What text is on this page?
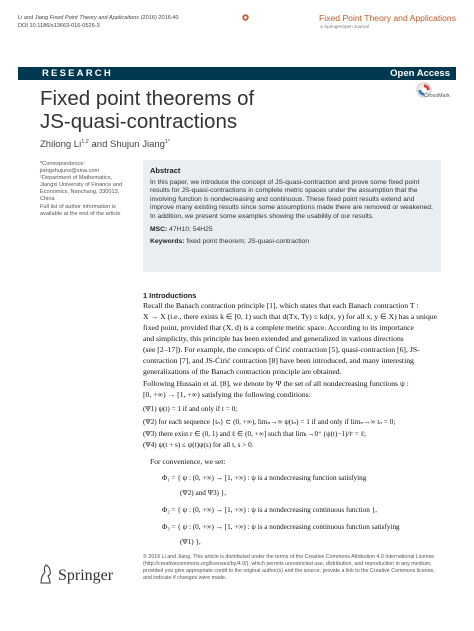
Li and Jiang Fixed Point Theory and Applications (2016) 2016:40
DOI 10.1186/s13663-016-0526-3
Fixed Point Theory and Applications
a SpringerOpen Journal
RESEARCH	Open Access
CrossMark
Fixed point theorems of
JS-quasi-contractions
Zhilong Li$^{1,2}$ and Shujun Jiang$^{1*}$
*Correspondence:
jiangshujuns@sina.com
¹Department of Mathematics,
Jiangxi University of Finance and
Economics, Nanchang, 330013,
China
Full list of author information is
available at the end of the article
Abstract

In this paper, we introduce the concept of JS-quasi-contraction and prove some fixed point results for JS-quasi-contractions in complete metric spaces under the assumption that the involving function is nondecreasing and continuous. These fixed point results extend and improve many existing results since some assumptions made there are removed or weakened. In addition, we present some examples showing the usability of our results.

MSC: 47H10; 54H25
Keywords: fixed point theorem; JS-quasi-contraction
1 Introductions
Recall the Banach contraction principle [1], which states that each Banach contraction T :
X → X (i.e., there exists k ∈ [0, 1) such that d(Tx, Ty) ≤ kd(x, y) for all x, y ∈ X) has a unique
fixed point, provided that (X, d) is a complete metric space. According to its importance
and simplicity, this principle has been extended and generalized in various directions
(see [2–17]). For example, the concepts of Ćirić contraction [5], quasi-contraction [6], JS-
contraction [7], and JS-Ćirić contraction [8] have been introduced, and many interesting
generalizations of the Banach contraction principle are obtained.
Following Hussain et al. [8], we denote by Ψ the set of all nondecreasing functions ψ :
[0, +∞) → [1, +∞) satisfying the following conditions:
(Ψ1) ψ(t) = 1 if and only if t = 0;
(Ψ2) for each sequence {tₙ} ⊂ (0, +∞), limₙ→∞ ψ(tₙ) = 1 if and only if limₙ→∞ tₙ = 0;
(Ψ3) there exist r ∈ (0, 1) and ℓ ∈ (0, +∞] such that limₜ→0⁺ (ψ(t)−1)/tʳ = ℓ;
(Ψ4) ψ(t + s) ≤ ψ(t)ψ(s) for all t, s > 0.
For convenience, we set:
Φ₁ = { ψ : (0, +∞) → [1, +∞) : ψ is a nondecreasing function satisfying
(Ψ2) and Ψ3) },
Φ₂ = { ψ : (0, +∞) → [1, +∞) : ψ is a nondecreasing continuous function },
Φ₃ = { ψ : (0, +∞) → [1, +∞) : ψ is a nondecreasing continuous function satisfying
(Ψ1) },
© 2016 Li and Jiang. This article is distributed under the terms of the Creative Commons Attribution 4.0 International License (http://creativecommons.org/licenses/by/4.0/), which permits unrestricted use, distribution, and reproduction in any medium, provided you give appropriate credit to the original author(s) and the source, provide a link to the Creative Commons license, and indicate if changes were made.
Springer
